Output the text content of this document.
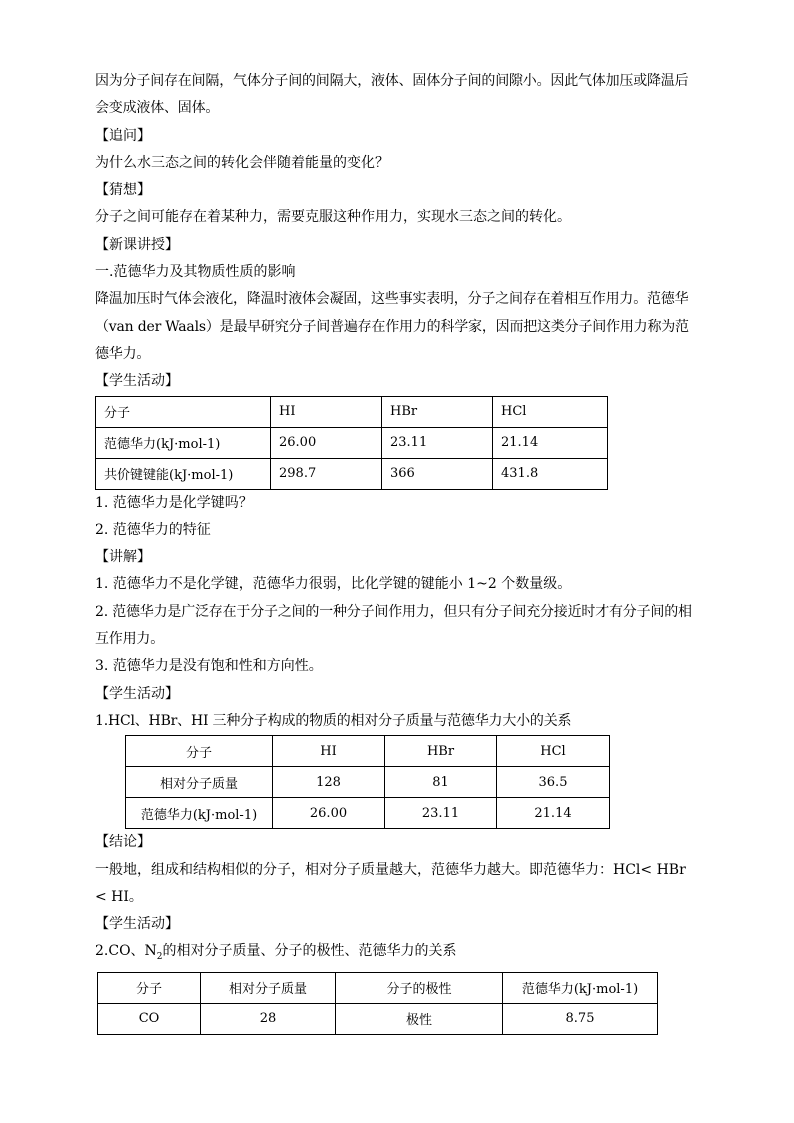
因为分子间存在间隔，气体分子间的间隔大，液体、固体分子间的间隙小。因此气体加压或降温后会变成液体、固体。

【追问】

为什么水三态之间的转化会伴随着能量的变化？

【猜想】

分子之间可能存在着某种力，需要克服这种作用力，实现水三态之间的转化。

【新课讲授】

一.范德华力及其物质性质的影响

降温加压时气体会液化，降温时液体会凝固，这些事实表明，分子之间存在着相互作用力。范德华（van der Waals）是最早研究分子间普遍存在作用力的科学家，因而把这类分子间作用力称为范德华力。

【学生活动】

分子	HI	HBr	HCl
范德华力(kJ·mol-1)	26.00	23.11	21.14
共价键键能(kJ·mol-1)	298.7	366	431.8

1. 范德华力是化学键吗？

2. 范德华力的特征

【讲解】

1. 范德华力不是化学键，范德华力很弱，比化学键的键能小 1~2 个数量级。

2. 范德华力是广泛存在于分子之间的一种分子间作用力，但只有分子间充分接近时才有分子间的相互作用力。

3. 范德华力是没有饱和性和方向性。

【学生活动】

1.HCl、HBr、HI 三种分子构成的物质的相对分子质量与范德华力大小的关系

分子	HI	HBr	HCl
相对分子质量	128	81	36.5
范德华力(kJ·mol-1)	26.00	23.11	21.14

【结论】

一般地，组成和结构相似的分子，相对分子质量越大，范德华力越大。即范德华力：HCl< HBr < HI。

【学生活动】

2.CO、$N_2$的相对分子质量、分子的极性、范德华力的关系

分子	相对分子质量	分子的极性	范德华力(kJ·mol-1)
CO	28	极性	8.75
